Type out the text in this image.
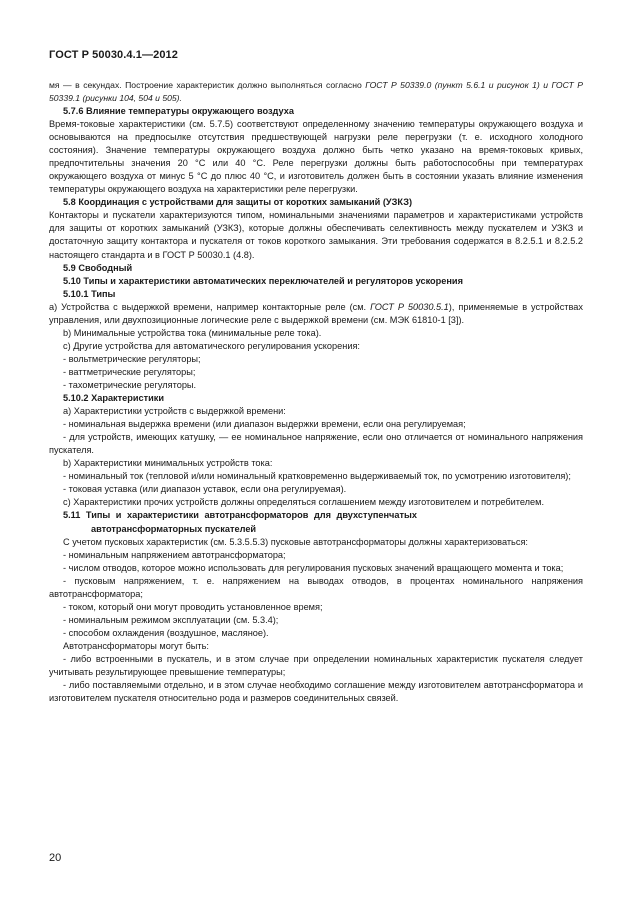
ГОСТ Р 50030.4.1—2012

мя — в секундах. Построение характеристик должно выполняться согласно ГОСТ Р 50339.0 (пункт 5.6.1 и рисунок 1) и ГОСТ Р 50339.1 (рисунки 104, 504 и 505).

5.7.6 Влияние температуры окружающего воздуха

Время-токовые характеристики (см. 5.7.5) соответствуют определенному значению температуры окружающего воздуха и основываются на предпосылке отсутствия предшествующей нагрузки реле перегрузки (т. е. исходного холодного состояния). Значение температуры окружающего воздуха должно быть четко указано на время-токовых кривых, предпочтительны значения 20 °С или 40 °С. Реле перегрузки должны быть работоспособны при температурах окружающего воздуха от минус 5 °С до плюс 40 °С, и изготовитель должен быть в состоянии указать влияние изменения температуры окружающего воздуха на характеристики реле перегрузки.

5.8 Координация с устройствами для защиты от коротких замыканий (УЗКЗ)

Контакторы и пускатели характеризуются типом, номинальными значениями параметров и характеристиками устройств для защиты от коротких замыканий (УЗКЗ), которые должны обеспечивать селективность между пускателем и УЗКЗ и достаточную защиту контактора и пускателя от токов короткого замыкания. Эти требования содержатся в 8.2.5.1 и 8.2.5.2 настоящего стандарта и в ГОСТ Р 50030.1 (4.8).

5.9 Свободный

5.10 Типы и характеристики автоматических переключателей и регуляторов ускорения

5.10.1 Типы

а) Устройства с выдержкой времени, например контакторные реле (см. ГОСТ Р 50030.5.1), применяемые в устройствах управления, или двухпозиционные логические реле с выдержкой времени (см. МЭК 61810-1 [3]).

b) Минимальные устройства тока (минимальные реле тока).

с) Другие устройства для автоматического регулирования ускорения:

- вольтметрические регуляторы;

- ваттметрические регуляторы;

- тахометрические регуляторы.

5.10.2 Характеристики

а) Характеристики устройств с выдержкой времени:

- номинальная выдержка времени (или диапазон выдержки времени, если она регулируемая;

- для устройств, имеющих катушку, — ее номинальное напряжение, если оно отличается от номинального напряжения пускателя.

b) Характеристики минимальных устройств тока:

- номинальный ток (тепловой и/или номинальный кратковременно выдерживаемый ток, по усмотрению изготовителя);

- токовая уставка (или диапазон уставок, если она регулируемая).

с) Характеристики прочих устройств должны определяться соглашением между изготовителем и потребителем.

5.11 Типы и характеристики автотрансформаторов для двухступенчатых
автотрансформаторных пускателей

С учетом пусковых характеристик (см. 5.3.5.5.3) пусковые автотрансформаторы должны характеризоваться:

- номинальным напряжением автотрансформатора;

- числом отводов, которое можно использовать для регулирования пусковых значений вращающего момента и тока;

- пусковым напряжением, т. е. напряжением на выводах отводов, в процентах номинального напряжения автотрансформатора;

- током, который они могут проводить установленное время;

- номинальным режимом эксплуатации (см. 5.3.4);

- способом охлаждения (воздушное, масляное).

Автотрансформаторы могут быть:

- либо встроенными в пускатель, и в этом случае при определении номинальных характеристик пускателя следует учитывать результирующее превышение температуры;

- либо поставляемыми отдельно, и в этом случае необходимо соглашение между изготовителем автотрансформатора и изготовителем пускателя относительно рода и размеров соединительных связей.

20
